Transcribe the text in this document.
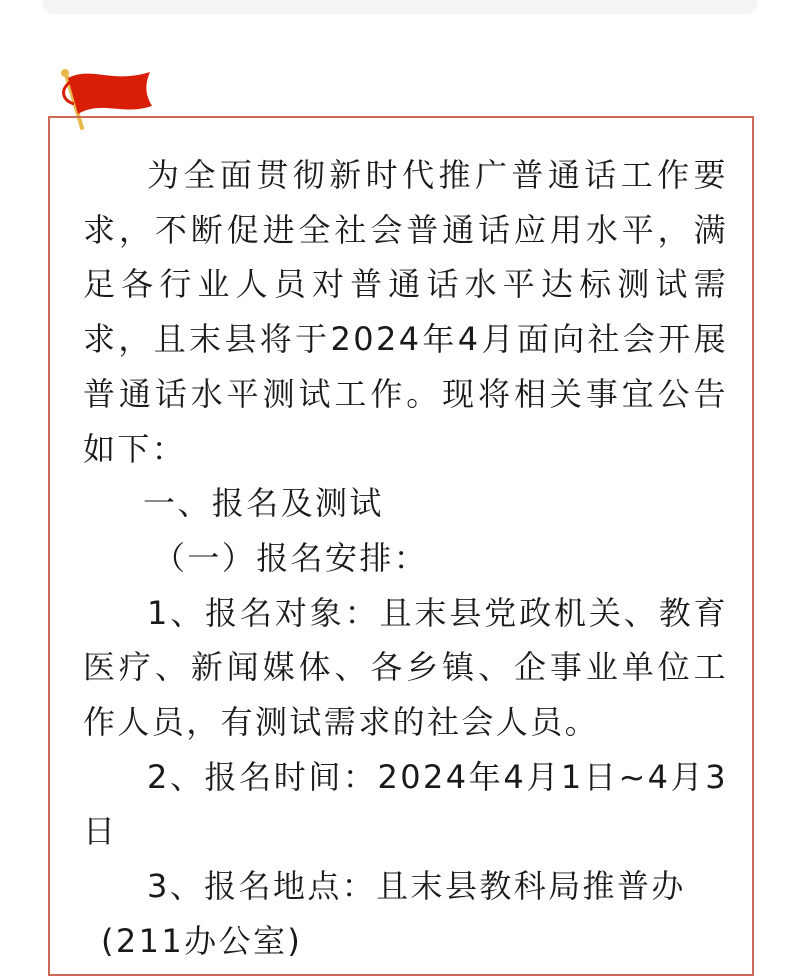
为全面贯彻新时代推广普通话工作要求，不断促进全社会普通话应用水平，满足各行业人员对普通话水平达标测试需求，且末县将于2024年4月面向社会开展普通话水平测试工作。现将相关事宜公告如下：

一、报名及测试

（一）报名安排：

1、报名对象：且末县党政机关、教育医疗、新闻媒体、各乡镇、企事业单位工作人员，有测试需求的社会人员。

2、报名时间：2024年4月1日~4月3日

3、报名地点：且末县教科局推普办

(211办公室)
